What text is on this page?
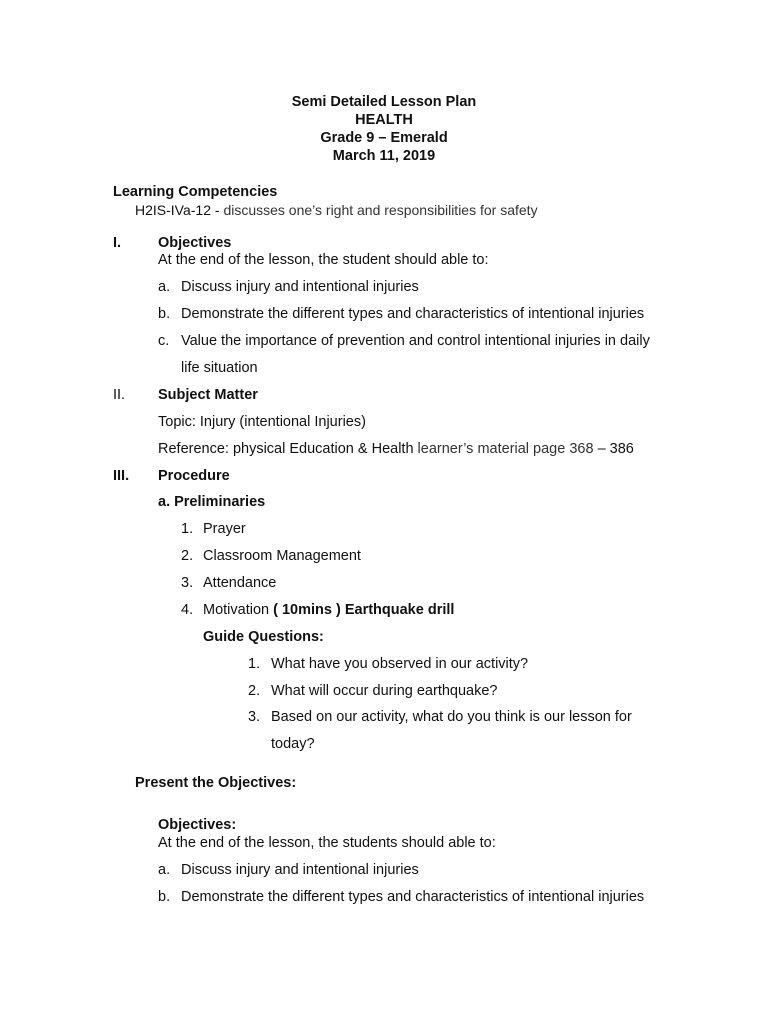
Semi Detailed Lesson Plan
HEALTH
Grade 9 – Emerald
March 11, 2019
Learning Competencies
H2IS-IVa-12 - discusses one’s right and responsibilities for safety
I.	Objectives
At the end of the lesson, the student should able to:
a. Discuss injury and intentional injuries
b. Demonstrate the different types and characteristics of intentional injuries
c. Value the importance of prevention and control intentional injuries in daily
life situation
II. Subject Matter
Topic: Injury (intentional Injuries)
Reference: physical Education & Health learner’s material page 368 – 386
III. Procedure
a. Preliminaries
1. Prayer
2. Classroom Management
3. Attendance
4. Motivation ( 10mins ) Earthquake drill
Guide Questions:
1. What have you observed in our activity?
2. What will occur during earthquake?
3. Based on our activity, what do you think is our lesson for
today?
Present the Objectives:
Objectives:
At the end of the lesson, the students should able to:
a. Discuss injury and intentional injuries
b. Demonstrate the different types and characteristics of intentional injuries
